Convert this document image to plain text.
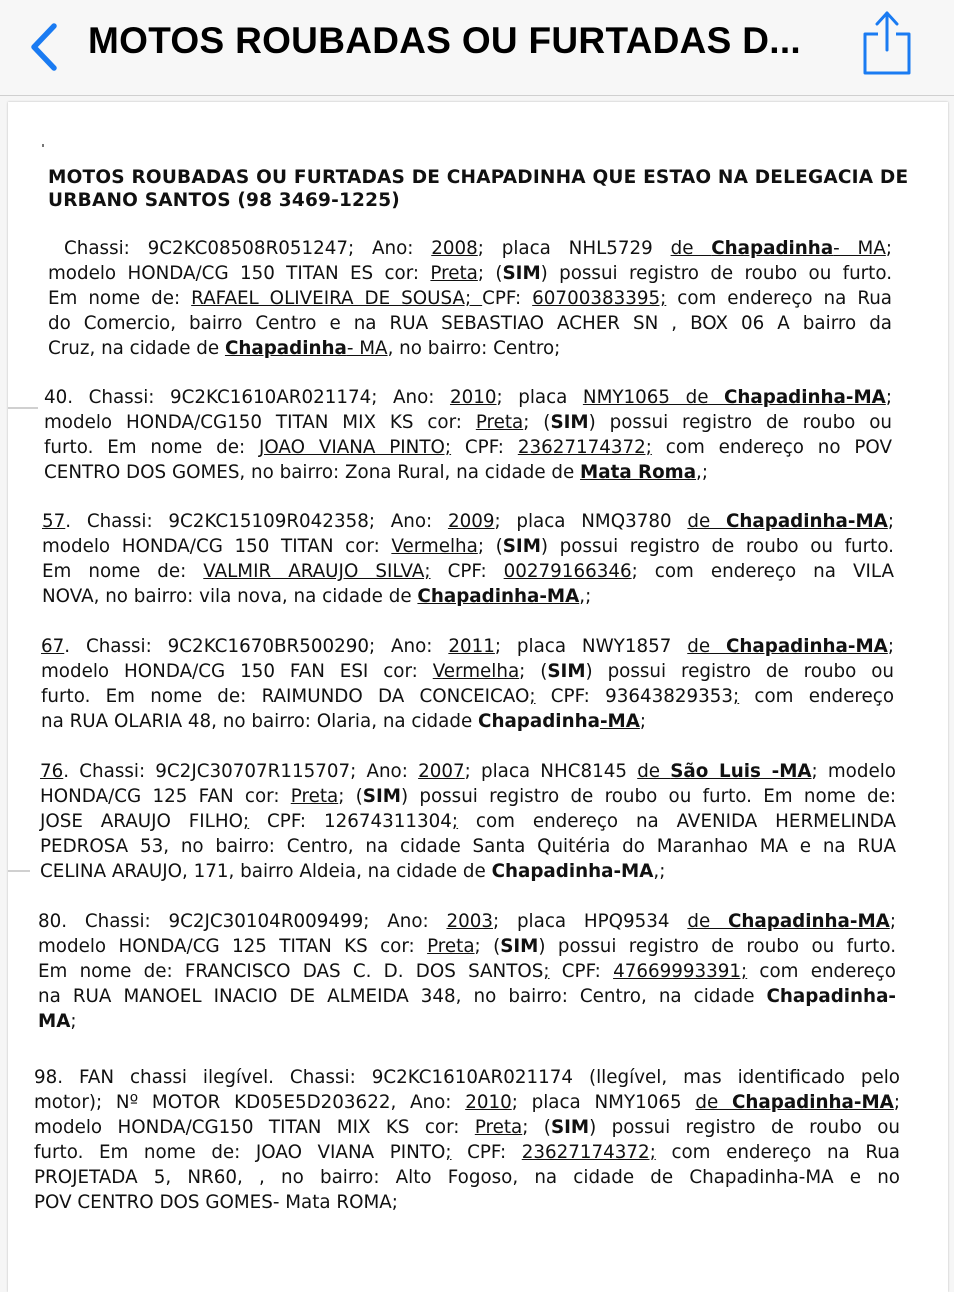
MOTOS ROUBADAS OU FURTADAS D...
MOTOS ROUBADAS OU FURTADAS DE CHAPADINHA QUE ESTAO NA DELEGACIA DE
URBANO SANTOS (98 3469-1225)
Chassi: 9C2KC08508R051247; Ano: 2008; placa NHL5729 de Chapadinha- MA;
modelo HONDA/CG 150 TITAN ES cor: Preta; (SIM) possui registro de roubo ou furto.
Em nome de: RAFAEL OLIVEIRA DE SOUSA; CPF: 60700383395; com endereço na Rua
do Comercio, bairro Centro e na RUA SEBASTIAO ACHER SN , BOX 06 A bairro da
Cruz, na cidade de Chapadinha- MA, no bairro: Centro;
40. Chassi: 9C2KC1610AR021174; Ano: 2010; placa NMY1065 de Chapadinha-MA;
modelo HONDA/CG150 TITAN MIX KS cor: Preta; (SIM) possui registro de roubo ou
furto. Em nome de: JOAO VIANA PINTO; CPF: 23627174372; com endereço no POV
CENTRO DOS GOMES, no bairro: Zona Rural, na cidade de Mata Roma,;
57. Chassi: 9C2KC15109R042358; Ano: 2009; placa NMQ3780 de Chapadinha-MA;
modelo HONDA/CG 150 TITAN cor: Vermelha; (SIM) possui registro de roubo ou furto.
Em nome de: VALMIR ARAUJO SILVA; CPF: 00279166346; com endereço na VILA
NOVA, no bairro: vila nova, na cidade de Chapadinha-MA,;
67. Chassi: 9C2KC1670BR500290; Ano: 2011; placa NWY1857 de Chapadinha-MA;
modelo HONDA/CG 150 FAN ESI cor: Vermelha; (SIM) possui registro de roubo ou
furto. Em nome de: RAIMUNDO DA CONCEICAO; CPF: 93643829353; com endereço
na RUA OLARIA 48, no bairro: Olaria, na cidade Chapadinha-MA;
76. Chassi: 9C2JC30707R115707; Ano: 2007; placa NHC8145 de São Luis -MA; modelo
HONDA/CG 125 FAN cor: Preta; (SIM) possui registro de roubo ou furto. Em nome de:
JOSE ARAUJO FILHO; CPF: 12674311304; com endereço na AVENIDA HERMELINDA
PEDROSA 53, no bairro: Centro, na cidade Santa Quitéria do Maranhao MA e na RUA
CELINA ARAUJO, 171, bairro Aldeia, na cidade de Chapadinha-MA,;
80. Chassi: 9C2JC30104R009499; Ano: 2003; placa HPQ9534 de Chapadinha-MA;
modelo HONDA/CG 125 TITAN KS cor: Preta; (SIM) possui registro de roubo ou furto.
Em nome de: FRANCISCO DAS C. D. DOS SANTOS; CPF: 47669993391; com endereço
na RUA MANOEL INACIO DE ALMEIDA 348, no bairro: Centro, na cidade Chapadinha-
MA;
98. FAN chassi ilegível. Chassi: 9C2KC1610AR021174 (llegível, mas identificado pelo
motor); Nº MOTOR KD05E5D203622, Ano: 2010; placa NMY1065 de Chapadinha-MA;
modelo HONDA/CG150 TITAN MIX KS cor: Preta; (SIM) possui registro de roubo ou
furto. Em nome de: JOAO VIANA PINTO; CPF: 23627174372; com endereço na Rua
PROJETADA 5, NR60, , no bairro: Alto Fogoso, na cidade de Chapadinha-MA e no
POV CENTRO DOS GOMES- Mata ROMA;
